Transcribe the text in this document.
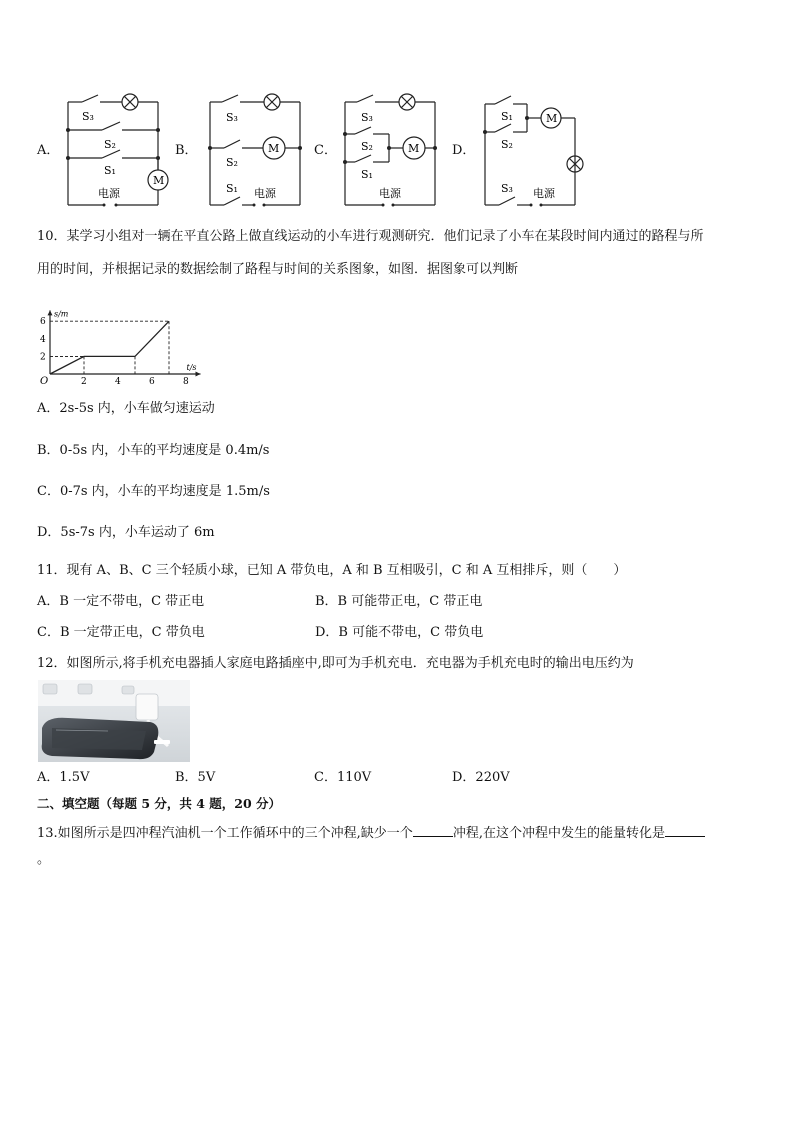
A．
M
S₃
S₂
S₁
电源
B．	M
S₃
S₂
S₁ 电源
C．	M
S₃
S₂
S₁
电源
D．
M
S₁
S₂
S₃ 电源
10．某学习小组对一辆在平直公路上做直线运动的小车进行观测研究．他们记录了小车在某段时间内通过的路程与所
用的时间，并根据记录的数据绘制了路程与时间的关系图象，如图．据图象可以判断
2	4	6	8
2
4
6
O
t/s
s/m
A．2s-5s 内，小车做匀速运动
B．0-5s 内，小车的平均速度是 0.4m/s
C．0-7s 内，小车的平均速度是 1.5m/s
D．5s-7s 内，小车运动了 6m
11．现有 A、B、C 三个轻质小球，已知 A 带负电，A 和 B 互相吸引，C 和 A 互相排斥，则（　　）
A．B 一定不带电，C 带正电	B．B 可能带正电，C 带正电
C．B 一定带正电，C 带负电	D．B 可能不带电，C 带负电
12．如图所示,将手机充电器插人家庭电路插座中,即可为手机充电．充电器为手机充电时的输出电压约为
A．1.5V	B．5V	C．110V	D．220V
二、填空题（每题 5 分，共 4 题，20 分）
13.如图所示是四冲程汽油机一个工作循环中的三个冲程,缺少一个	冲程,在这个冲程中发生的能量转化是
。
